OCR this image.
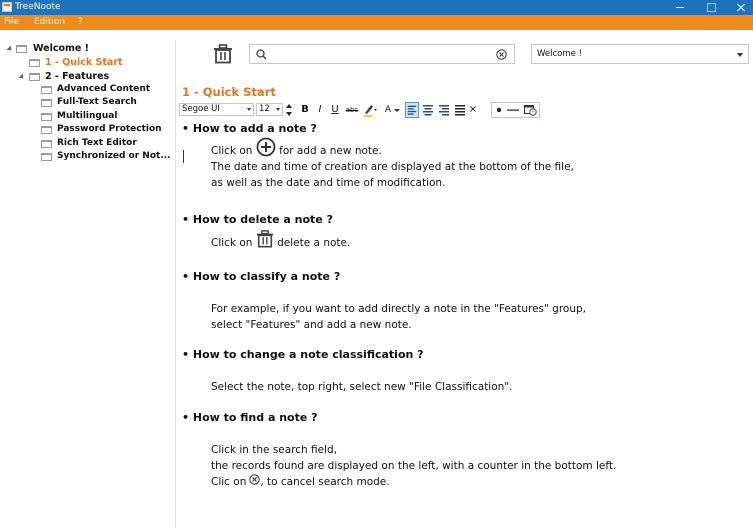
TreeNoote
File Edition ?
Welcome !
1 - Quick Start
2 - Features
Advanced Content
Full-Text Search
Multilingual
Password Protection
Rich Text Editor
Synchronized or Not...
Welcome !
1 - Quick Start
Segoe UI	12	B I U	abc	A	×
• How to add a note ?
Click on	for add a new note.
The date and time of creation are displayed at the bottom of the file,
as well as the date and time of modification.
• How to delete a note ?
Click on delete a note.
• How to classify a note ?
For example, if you want to add directly a note in the "Features" group,
select "Features" and add a new note.
• How to change a note classification ?
Select the note, top right, select new "File Classification".
• How to find a note ?
Click in the search field,
the records found are displayed on the left, with a counter in the bottom left.
Clic on , to cancel search mode.
